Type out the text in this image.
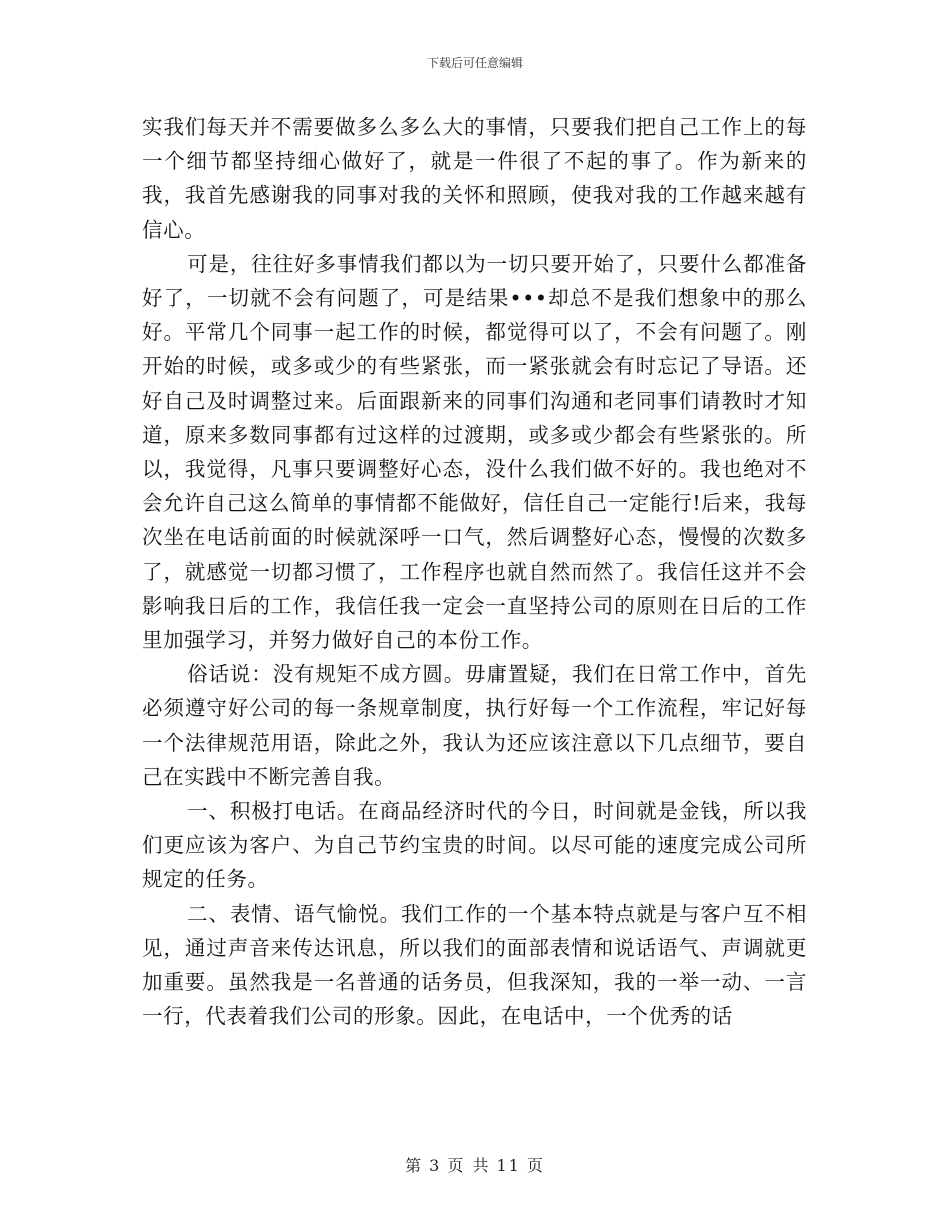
下载后可任意编辑

实我们每天并不需要做多么多么大的事情，只要我们把自己工作上的每一个细节都坚持细心做好了，就是一件很了不起的事了。作为新来的我，我首先感谢我的同事对我的关怀和照顾，使我对我的工作越来越有信心。

可是，往往好多事情我们都以为一切只要开始了，只要什么都准备好了，一切就不会有问题了，可是结果•••却总不是我们想象中的那么好。平常几个同事一起工作的时候，都觉得可以了，不会有问题了。刚开始的时候，或多或少的有些紧张，而一紧张就会有时忘记了导语。还好自己及时调整过来。后面跟新来的同事们沟通和老同事们请教时才知道，原来多数同事都有过这样的过渡期，或多或少都会有些紧张的。所以，我觉得，凡事只要调整好心态，没什么我们做不好的。我也绝对不会允许自己这么简单的事情都不能做好，信任自己一定能行!后来，我每次坐在电话前面的时候就深呼一口气，然后调整好心态，慢慢的次数多了，就感觉一切都习惯了，工作程序也就自然而然了。我信任这并不会影响我日后的工作，我信任我一定会一直坚持公司的原则在日后的工作里加强学习，并努力做好自己的本份工作。

俗话说：没有规矩不成方圆。毋庸置疑，我们在日常工作中，首先必须遵守好公司的每一条规章制度，执行好每一个工作流程，牢记好每一个法律规范用语，除此之外，我认为还应该注意以下几点细节，要自己在实践中不断完善自我。

一、积极打电话。在商品经济时代的今日，时间就是金钱，所以我们更应该为客户、为自己节约宝贵的时间。以尽可能的速度完成公司所规定的任务。

二、表情、语气愉悦。我们工作的一个基本特点就是与客户互不相见，通过声音来传达讯息，所以我们的面部表情和说话语气、声调就更加重要。虽然我是一名普通的话务员，但我深知，我的一举一动、一言一行，代表着我们公司的形象。因此，在电话中，一个优秀的话

第 3 页 共 11 页
